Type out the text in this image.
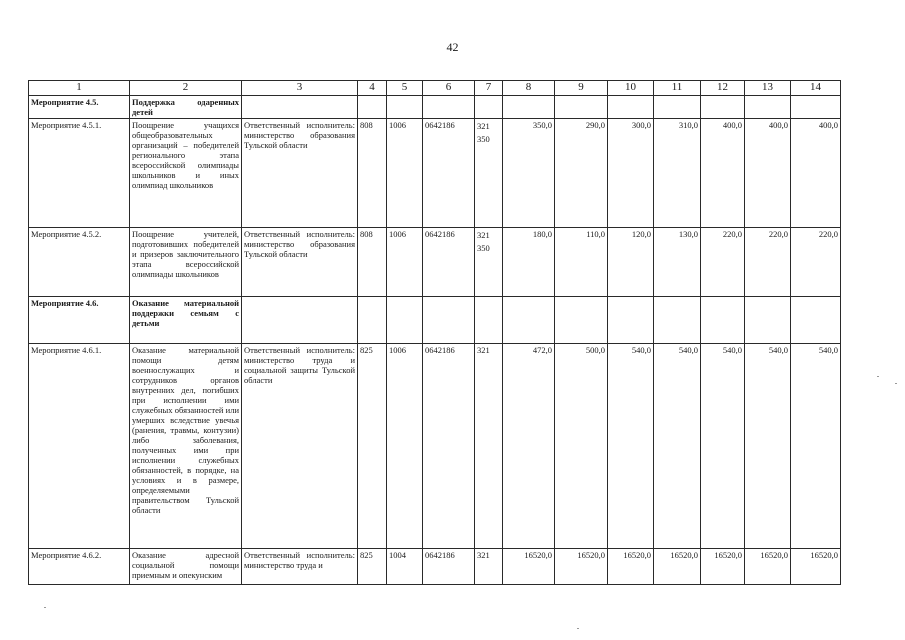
42
1	2	3	4	5	6	7	8	9	10	11	12	13	14
Мероприятие 4.5.	Поддержка одаренных детей												
Мероприятие 4.5.1.	Поощрение учащихся общеобразовательных организаций – победителей регионального этапа всероссийской олимпиады школьников и иных олимпиад школьников	Ответственный исполнитель: министерство образования Тульской области	808	1006	0642186	321 350	350,0	290,0	300,0	310,0	400,0	400,0	400,0
Мероприятие 4.5.2.	Поощрение учителей, подготовивших победителей и призеров заключительного этапа всероссийской олимпиады школьников	Ответственный исполнитель: министерство образования Тульской области	808	1006	0642186	321 350	180,0	110,0	120,0	130,0	220,0	220,0	220,0
Мероприятие 4.6.	Оказание материальной поддержки семьям с детьми												
Мероприятие 4.6.1.	Оказание материальной помощи детям военнослужащих и сотрудников органов внутренних дел, погибших при исполнении ими служебных обязанностей или умерших вследствие увечья (ранения, травмы, контузии) либо заболевания, полученных ими при исполнении служебных обязанностей, в порядке, на условиях и в размере, определяемыми правительством Тульской области	Ответственный исполнитель: министерство труда и социальной защиты Тульской области	825	1006	0642186	321	472,0	500,0	540,0	540,0	540,0	540,0	540,0
Мероприятие 4.6.2.	Оказание адресной социальной помощи приемным и опекунским	Ответственный исполнитель: министерство труда и	825	1004	0642186	321	16520,0	16520,0	16520,0	16520,0	16520,0	16520,0	16520,0
